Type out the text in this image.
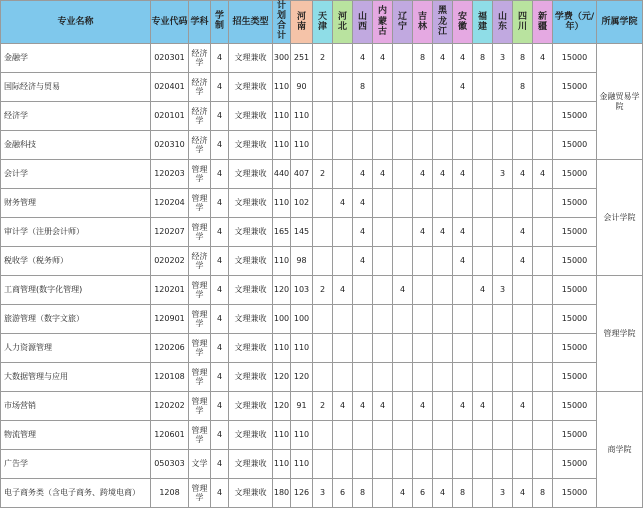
专业名称	专业代码	学科	学制	招生类型	计划合计	河南	天津	河北	山西	内蒙古	辽宁	吉林	黑龙江	安徽	福建	山东	四川	新疆	学费（元/年）	所属学院
金融学	020301	经济学	4	文理兼收	300	251	2		4	4		8	4	4	8	3	8	4	15000	金融贸易学院
国际经济与贸易	020401	经济学	4	文理兼收	110	90			8					4			8		15000	
经济学	020101	经济学	4	文理兼收	110	110													15000	
金融科技	020310	经济学	4	文理兼收	110	110													15000	
会计学	120203	管理学	4	文理兼收	440	407	2		4	4		4	4	4		3	4	4	15000	会计学院
财务管理	120204	管理学	4	文理兼收	110	102		4	4										15000	
审计学（注册会计师）	120207	管理学	4	文理兼收	165	145			4			4	4	4			4		15000	
税收学（税务师）	020202	经济学	4	文理兼收	110	98			4					4			4		15000	
工商管理(数字化管理)	120201	管理学	4	文理兼收	120	103	2	4			4				4	3			15000	管理学院
旅游管理（数字文旅）	120901	管理学	4	文理兼收	100	100													15000	
人力资源管理	120206	管理学	4	文理兼收	110	110													15000	
大数据管理与应用	120108	管理学	4	文理兼收	120	120													15000	
市场营销	120202	管理学	4	文理兼收	120	91	2	4	4	4		4		4	4		4		15000	商学院
物流管理	120601	管理学	4	文理兼收	110	110													15000	
广告学	050303	文学	4	文理兼收	110	110													15000	
电子商务类（含电子商务、跨境电商）	1208	管理学	4	文理兼收	180	126	3	6	8		4	6	4	8		3	4	8	15000	
